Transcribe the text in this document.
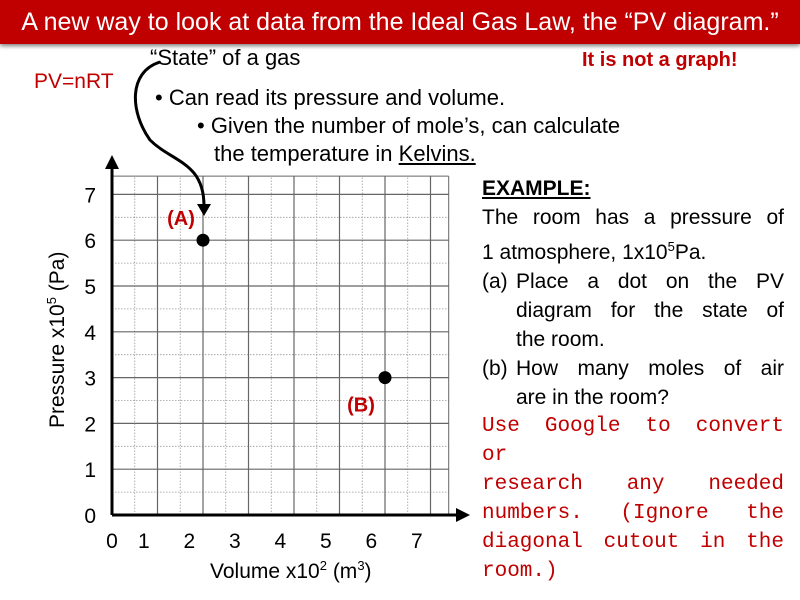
A new way to look at data from the Ideal Gas Law, the “PV diagram.”
“State” of a gas	It is not a graph!
PV=nRT
• Can read its pressure and volume.
• Given the number of mole’s, can calculate
the temperature in Kelvins.
0 1 2 3 4 5 6 7
0
1
2
3
4
5
6
7
(A)
(B)
Volume $x10^2$ $(m^3)$
Pressure $x10^5$ (Pa)
EXAMPLE:
The room has a pressure of
1 atmosphere, $1x10^5Pa$.
(a) Place a dot on the PV
diagram for the state of
the room.
(b) How many moles of air
are in the room?
Use Google to convert or
research any needed
numbers. (Ignore the
diagonal cutout in the
room.)
